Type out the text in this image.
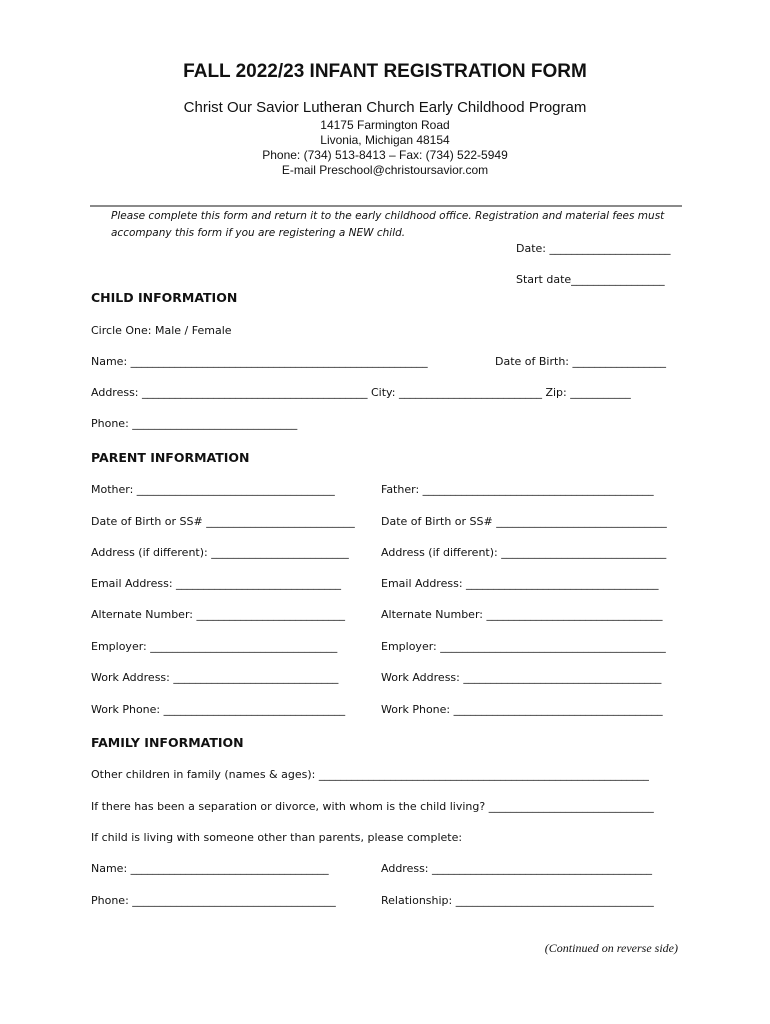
FALL 2022/23 INFANT REGISTRATION FORM
Christ Our Savior Lutheran Church Early Childhood Program
14175 Farmington Road
Livonia, Michigan 48154
Phone: (734) 513-8413 – Fax: (734) 522-5949
E-mail Preschool@christoursavior.com
Please complete this form and return it to the early childhood office. Registration and material fees must
accompany this form if you are registering a NEW child.
Date: ______________________
Start date_________________
CHILD INFORMATION
Circle One: Male / Female
Name: ______________________________________________________	Date of Birth: _________________
Address: _________________________________________ City: __________________________ Zip: ___________
Phone: ______________________________
PARENT INFORMATION
Mother: ____________________________________	Father: __________________________________________
Date of Birth or SS# ___________________________ Date of Birth or SS# _______________________________
Address (if different): _________________________	Address (if different): ______________________________
Email Address: ______________________________	Email Address: ___________________________________
Alternate Number: ___________________________	Alternate Number: ________________________________
Employer: __________________________________	Employer: _________________________________________
Work Address: ______________________________	Work Address: ____________________________________
Work Phone: _________________________________	Work Phone: ______________________________________
FAMILY INFORMATION
Other children in family (names & ages): ____________________________________________________________
If there has been a separation or divorce, with whom is the child living? ______________________________
If child is living with someone other than parents, please complete:
Name: ____________________________________	Address: ________________________________________
Phone: _____________________________________	Relationship: ____________________________________
(Continued on reverse side)
